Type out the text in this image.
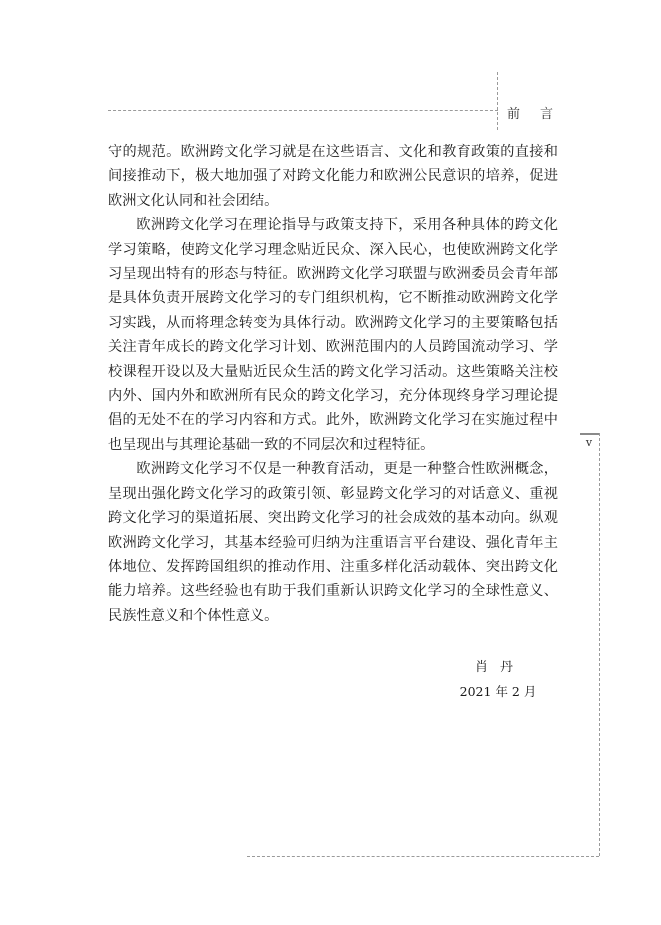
前言
v

守的规范。欧洲跨文化学习就是在这些语言、文化和教育政策的直接和间接推动下，极大地加强了对跨文化能力和欧洲公民意识的培养，促进欧洲文化认同和社会团结。

欧洲跨文化学习在理论指导与政策支持下，采用各种具体的跨文化学习策略，使跨文化学习理念贴近民众、深入民心，也使欧洲跨文化学习呈现出特有的形态与特征。欧洲跨文化学习联盟与欧洲委员会青年部是具体负责开展跨文化学习的专门组织机构，它不断推动欧洲跨文化学习实践，从而将理念转变为具体行动。欧洲跨文化学习的主要策略包括关注青年成长的跨文化学习计划、欧洲范围内的人员跨国流动学习、学校课程开设以及大量贴近民众生活的跨文化学习活动。这些策略关注校内外、国内外和欧洲所有民众的跨文化学习，充分体现终身学习理论提倡的无处不在的学习内容和方式。此外，欧洲跨文化学习在实施过程中也呈现出与其理论基础一致的不同层次和过程特征。

欧洲跨文化学习不仅是一种教育活动，更是一种整合性欧洲概念，呈现出强化跨文化学习的政策引领、彰显跨文化学习的对话意义、重视跨文化学习的渠道拓展、突出跨文化学习的社会成效的基本动向。纵观欧洲跨文化学习，其基本经验可归纳为注重语言平台建设、强化青年主体地位、发挥跨国组织的推动作用、注重多样化活动载体、突出跨文化能力培养。这些经验也有助于我们重新认识跨文化学习的全球性意义、民族性意义和个体性意义。

肖丹
2021 年 2 月
